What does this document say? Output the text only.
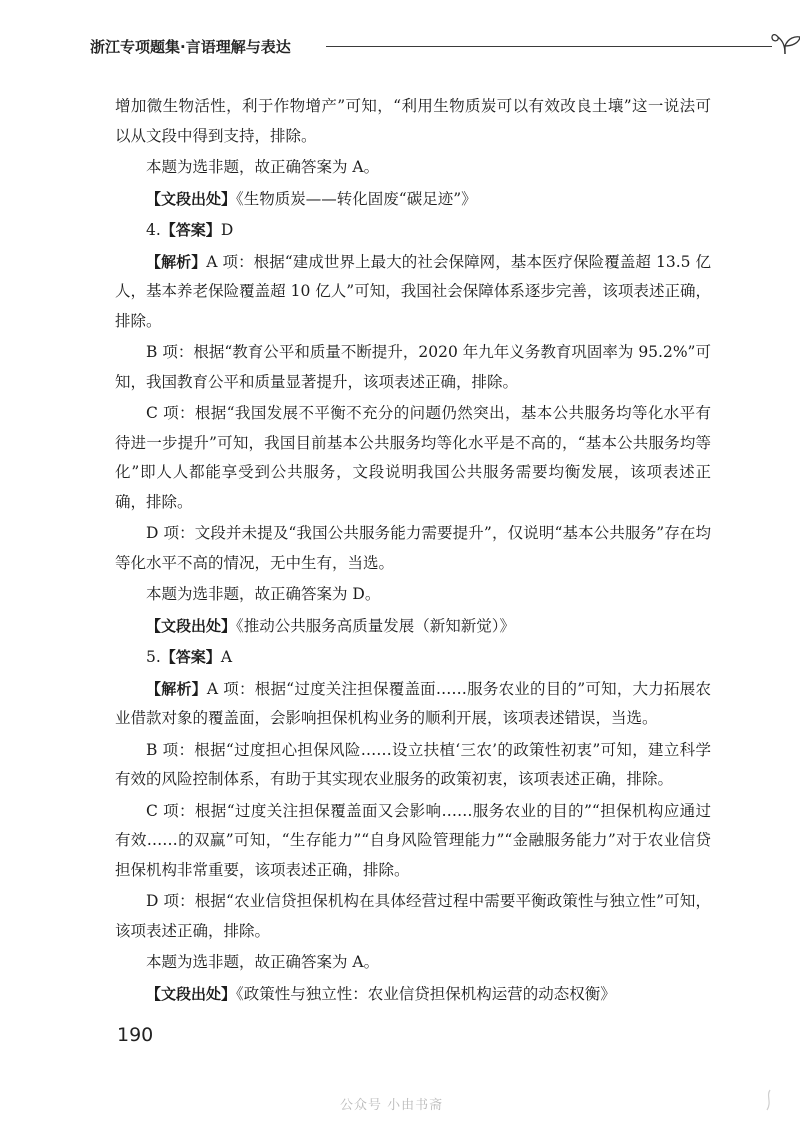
浙江专项题集·言语理解与表达

增加微生物活性，利于作物增产”可知，“利用生物质炭可以有效改良土壤”这一说法可以从文段中得到支持，排除。

本题为选非题，故正确答案为 A。

【文段出处】《生物质炭——转化固废“碳足迹”》

4.【答案】D

【解析】A 项：根据“建成世界上最大的社会保障网，基本医疗保险覆盖超 13.5 亿人，基本养老保险覆盖超 10 亿人”可知，我国社会保障体系逐步完善，该项表述正确，排除。

B 项：根据“教育公平和质量不断提升，2020 年九年义务教育巩固率为 95.2%”可知，我国教育公平和质量显著提升，该项表述正确，排除。

C 项：根据“我国发展不平衡不充分的问题仍然突出，基本公共服务均等化水平有待进一步提升”可知，我国目前基本公共服务均等化水平是不高的，“基本公共服务均等化”即人人都能享受到公共服务，文段说明我国公共服务需要均衡发展，该项表述正确，排除。

D 项：文段并未提及“我国公共服务能力需要提升”，仅说明“基本公共服务”存在均等化水平不高的情况，无中生有，当选。

本题为选非题，故正确答案为 D。

【文段出处】《推动公共服务高质量发展（新知新觉）》

5.【答案】A

【解析】A 项：根据“过度关注担保覆盖面……服务农业的目的”可知，大力拓展农业借款对象的覆盖面，会影响担保机构业务的顺利开展，该项表述错误，当选。

B 项：根据“过度担心担保风险……设立扶植‘三农’的政策性初衷”可知，建立科学有效的风险控制体系，有助于其实现农业服务的政策初衷，该项表述正确，排除。

C 项：根据“过度关注担保覆盖面又会影响……服务农业的目的”“担保机构应通过有效……的双赢”可知，“生存能力”“自身风险管理能力”“金融服务能力”对于农业信贷担保机构非常重要，该项表述正确，排除。

D 项：根据“农业信贷担保机构在具体经营过程中需要平衡政策性与独立性”可知，该项表述正确，排除。

本题为选非题，故正确答案为 A。

【文段出处】《政策性与独立性：农业信贷担保机构运营的动态权衡》

190
公众号 小由书斋
